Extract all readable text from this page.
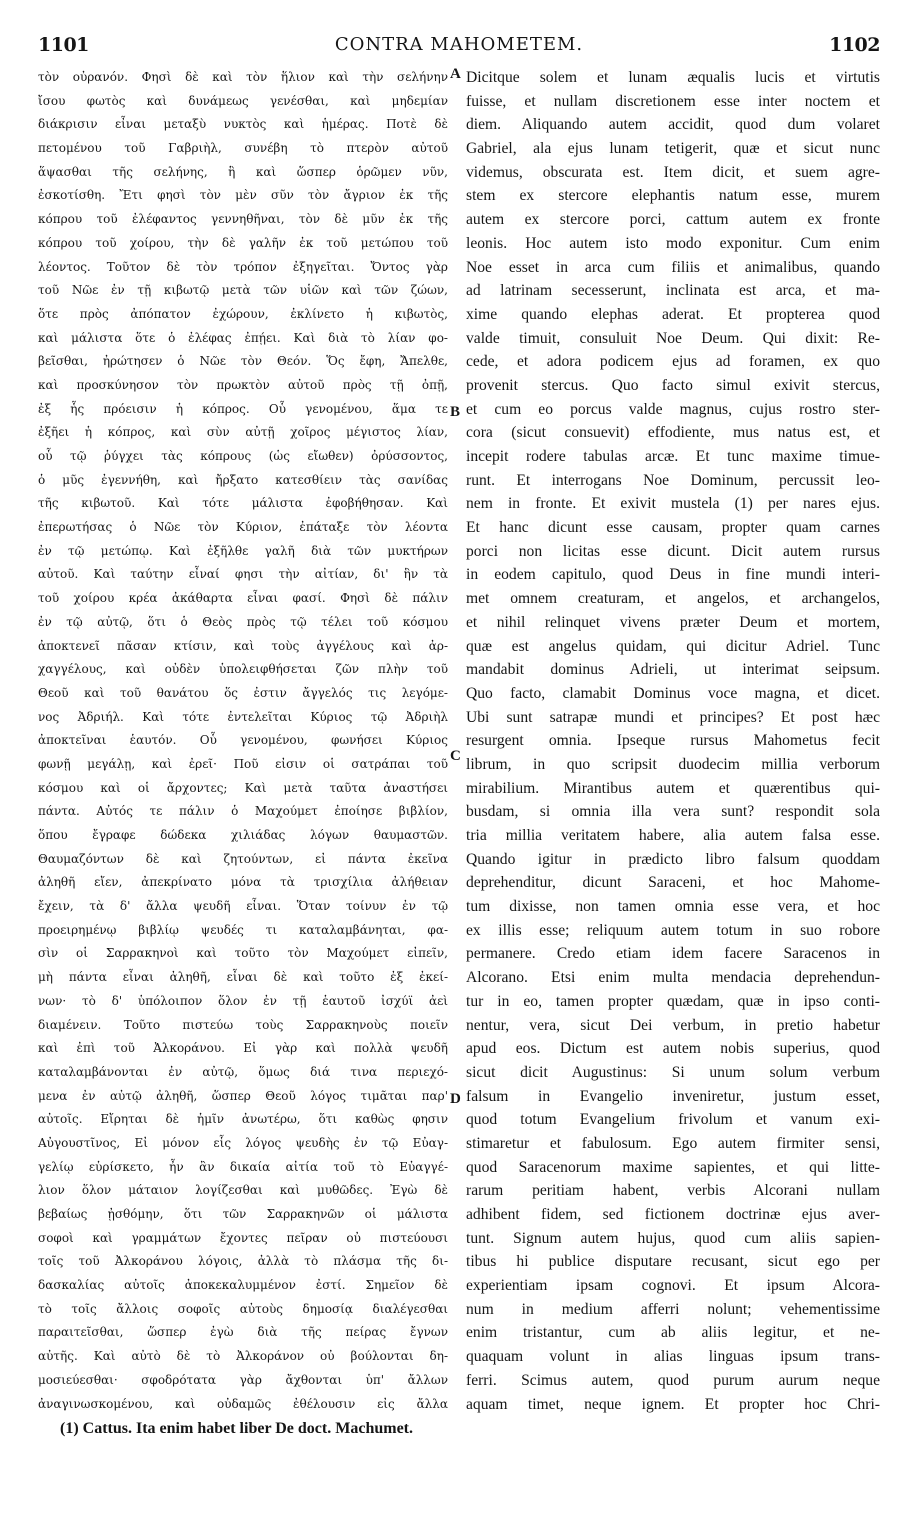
CONTRA MAHOMETEM.
1101	1102
τὸν οὐρανόν. Φησὶ δὲ καὶ τὸν ἥλιον καὶ τὴν σελήνην
ἴσου φωτὸς καὶ δυνάμεως γενέσθαι, καὶ μηδεμίαν
διάκρισιν εἶναι μεταξὺ νυκτὸς καὶ ἡμέρας. Ποτὲ δὲ
πετομένου τοῦ Γαβριὴλ, συνέβη τὸ πτερὸν αὐτοῦ
ἅψασθαι τῆς σελήνης, ἣ καὶ ὥσπερ ὁρῶμεν νῦν,
ἐσκοτίσθη. Ἔτι φησὶ τὸν μὲν σῦν τὸν ἄγριον ἐκ τῆς
κόπρου τοῦ ἐλέφαντος γεννηθῆναι, τὸν δὲ μῦν ἐκ τῆς
κόπρου τοῦ χοίρου, τὴν δὲ γαλῆν ἐκ τοῦ μετώπου τοῦ
λέοντος. Τοῦτον δὲ τὸν τρόπον ἐξηγεῖται. Ὄντος γὰρ
τοῦ Νῶε ἐν τῇ κιβωτῷ μετὰ τῶν υἱῶν καὶ τῶν ζώων,
ὅτε πρὸς ἀπόπατον ἐχώρουν, ἐκλίνετο ἡ κιβωτὸς,
καὶ μάλιστα ὅτε ὁ ἐλέφας ἐπῄει. Καὶ διὰ τὸ λίαν φο-
βεῖσθαι, ἠρώτησεν ὁ Νῶε τὸν Θεόν. Ὅς ἔφη, Ἄπελθε,
καὶ προσκύνησον τὸν πρωκτὸν αὐτοῦ πρὸς τῇ ὀπῇ,
ἐξ ἧς πρόεισιν ἡ κόπρος. Οὗ γενομένου, ἅμα τε
ἐξῆει ἡ κόπρος, καὶ σὺν αὐτῇ χοῖρος μέγιστος λίαν,
οὗ τῷ ῥύγχει τὰς κόπρους (ὡς εἴωθεν) ὀρύσσοντος,
ὁ μῦς ἐγεννήθη, καὶ ἤρξατο κατεσθίειν τὰς σανίδας
τῆς κιβωτοῦ. Καὶ τότε μάλιστα ἐφοβήθησαν. Καὶ
ἐπερωτήσας ὁ Νῶε τὸν Κύριον, ἐπάταξε τὸν λέοντα
ἐν τῷ μετώπῳ. Καὶ ἐξῆλθε γαλῆ διὰ τῶν μυκτήρων
αὐτοῦ. Καὶ ταύτην εἶναί φησι τὴν αἰτίαν, δι' ἣν τὰ
τοῦ χοίρου κρέα ἀκάθαρτα εἶναι φασί. Φησὶ δὲ πάλιν
ἐν τῷ αὐτῷ, ὅτι ὁ Θεὸς πρὸς τῷ τέλει τοῦ κόσμου
ἀποκτενεῖ πᾶσαν κτίσιν, καὶ τοὺς ἀγγέλους καὶ ἀρ-
χαγγέλους, καὶ οὐδὲν ὑπολειφθήσεται ζῶν πλὴν τοῦ
Θεοῦ καὶ τοῦ θανάτου ὅς ἐστιν ἄγγελός τις λεγόμε-
νος Ἀδριήλ. Καὶ τότε ἐντελεῖται Κύριος τῷ Ἀδριὴλ
ἀποκτεῖναι ἑαυτόν. Οὗ γενομένου, φωνήσει Κύριος
φωνῇ μεγάλῃ, καὶ ἐρεῖ· Ποῦ εἰσιν οἱ σατράπαι τοῦ
κόσμου καὶ οἱ ἄρχοντες; Καὶ μετὰ ταῦτα ἀναστήσει
πάντα. Αὐτός τε πάλιν ὁ Μαχούμετ ἐποίησε βιβλίον,
ὅπου ἔγραφε δώδεκα χιλιάδας λόγων θαυμαστῶν.
Θαυμαζόντων δὲ καὶ ζητούντων, εἰ πάντα ἐκεῖνα
ἀληθῆ εἴεν, ἀπεκρίνατο μόνα τὰ τρισχίλια ἀλήθειαν
ἔχειν, τὰ δ' ἄλλα ψευδῆ εἶναι. Ὅταν τοίνυν ἐν τῷ
προειρημένῳ βιβλίῳ ψευδές τι καταλαμβάνηται, φα-
σὶν οἱ Σαρρακηνοὶ καὶ τοῦτο τὸν Μαχούμετ εἰπεῖν,
μὴ πάντα εἶναι ἀληθῆ, εἶναι δὲ καὶ τοῦτο ἐξ ἐκεί-
νων· τὸ δ' ὑπόλοιπον ὅλον ἐν τῇ ἑαυτοῦ ἰσχύϊ ἀεὶ
διαμένειν. Τοῦτο πιστεύω τοὺς Σαρρακηνοὺς ποιεῖν
καὶ ἐπὶ τοῦ Ἀλκοράνου. Εἰ γὰρ καὶ πολλὰ ψευδῆ
καταλαμβάνονται ἐν αὐτῷ, ὅμως διά τινα περιεχό-
μενα ἐν αὐτῷ ἀληθῆ, ὥσπερ Θεοῦ λόγος τιμᾶται παρ'
αὐτοῖς. Εἴρηται δὲ ἡμῖν ἀνωτέρω, ὅτι καθὼς φησιν
Αὐγουστῖνος, Εἰ μόνον εἷς λόγος ψευδὴς ἐν τῷ Εὐαγ-
γελίῳ εὑρίσκετο, ἦν ἂν δικαία αἰτία τοῦ τὸ Εὐαγγέ-
λιον ὅλον μάταιον λογίζεσθαι καὶ μυθῶδες. Ἐγὼ δὲ
βεβαίως ᾐσθόμην, ὅτι τῶν Σαρρακηνῶν οἱ μάλιστα
σοφοὶ καὶ γραμμάτων ἔχοντες πεῖραν οὐ πιστεύουσι
τοῖς τοῦ Ἀλκοράνου λόγοις, ἀλλὰ τὸ πλάσμα τῆς δι-
δασκαλίας αὐτοῖς ἀποκεκαλυμμένον ἐστί. Σημεῖον δὲ
τὸ τοῖς ἄλλοις σοφοῖς αὐτοὺς δημοσίᾳ διαλέγεσθαι
παραιτεῖσθαι, ὥσπερ ἐγὼ διὰ τῆς πείρας ἔγνων
αὐτῆς. Καὶ αὐτὸ δὲ τὸ Ἀλκοράνον οὐ βούλονται δη-
μοσιεύεσθαι· σφοδρότατα γὰρ ἄχθονται ὑπ' ἄλλων
ἀναγινωσκομένου, καὶ οὐδαμῶς ἐθέλουσιν εἰς ἄλλα
Dicitque solem et lunam æqualis lucis et virtutis
fuisse, et nullam discretionem esse inter noctem et
diem. Aliquando autem accidit, quod dum volaret
Gabriel, ala ejus lunam tetigerit, quæ et sicut nunc
videmus, obscurata est. Item dicit, et suem agre-
stem ex stercore elephantis natum esse, murem
autem ex stercore porci, cattum autem ex fronte
leonis. Hoc autem isto modo exponitur. Cum enim
Noe esset in arca cum filiis et animalibus, quando
ad latrinam secesserunt, inclinata est arca, et ma-
xime quando elephas aderat. Et propterea quod
valde timuit, consuluit Noe Deum. Qui dixit: Re-
cede, et adora podicem ejus ad foramen, ex quo
provenit stercus. Quo facto simul exivit stercus,
et cum eo porcus valde magnus, cujus rostro ster-
cora (sicut consuevit) effodiente, mus natus est, et
incepit rodere tabulas arcæ. Et tunc maxime timue-
runt. Et interrogans Noe Dominum, percussit leo-
nem in fronte. Et exivit mustela (1) per nares ejus.
Et hanc dicunt esse causam, propter quam carnes
porci non licitas esse dicunt. Dicit autem rursus
in eodem capitulo, quod Deus in fine mundi interi-
met omnem creaturam, et angelos, et archangelos,
et nihil relinquet vivens præter Deum et mortem,
quæ est angelus quidam, qui dicitur Adriel. Tunc
mandabit dominus Adrieli, ut interimat seipsum.
Quo facto, clamabit Dominus voce magna, et dicet.
Ubi sunt satrapæ mundi et principes? Et post hæc
resurgent omnia. Ipseque rursus Mahometus fecit
librum, in quo scripsit duodecim millia verborum
mirabilium. Mirantibus autem et quærentibus qui-
busdam, si omnia illa vera sunt? respondit sola
tria millia veritatem habere, alia autem falsa esse.
Quando igitur in prædicto libro falsum quoddam
deprehenditur, dicunt Saraceni, et hoc Mahome-
tum dixisse, non tamen omnia esse vera, et hoc
ex illis esse; reliquum autem totum in suo robore
permanere. Credo etiam idem facere Saracenos in
Alcorano. Etsi enim multa mendacia deprehendun-
tur in eo, tamen propter quædam, quæ in ipso conti-
nentur, vera, sicut Dei verbum, in pretio habetur
apud eos. Dictum est autem nobis superius, quod
sicut dicit Augustinus: Si unum solum verbum
falsum in Evangelio inveniretur, justum esset,
quod totum Evangelium frivolum et vanum exi-
stimaretur et fabulosum. Ego autem firmiter sensi,
quod Saracenorum maxime sapientes, et qui litte-
rarum peritiam habent, verbis Alcorani nullam
adhibent fidem, sed fictionem doctrinæ ejus aver-
tunt. Signum autem hujus, quod cum aliis sapien-
tibus hi publice disputare recusant, sicut ego per
experientiam ipsam cognovi. Et ipsum Alcora-
num in medium afferri nolunt; vehementissime
enim tristantur, cum ab aliis legitur, et ne-
quaquam volunt in alias linguas ipsum trans-
ferri. Scimus autem, quod purum aurum neque
aquam timet, neque ignem. Et propter hoc Chri-
A
B
C
D
(1) Cattus. Ita enim habet liber De doct. Machumet.
